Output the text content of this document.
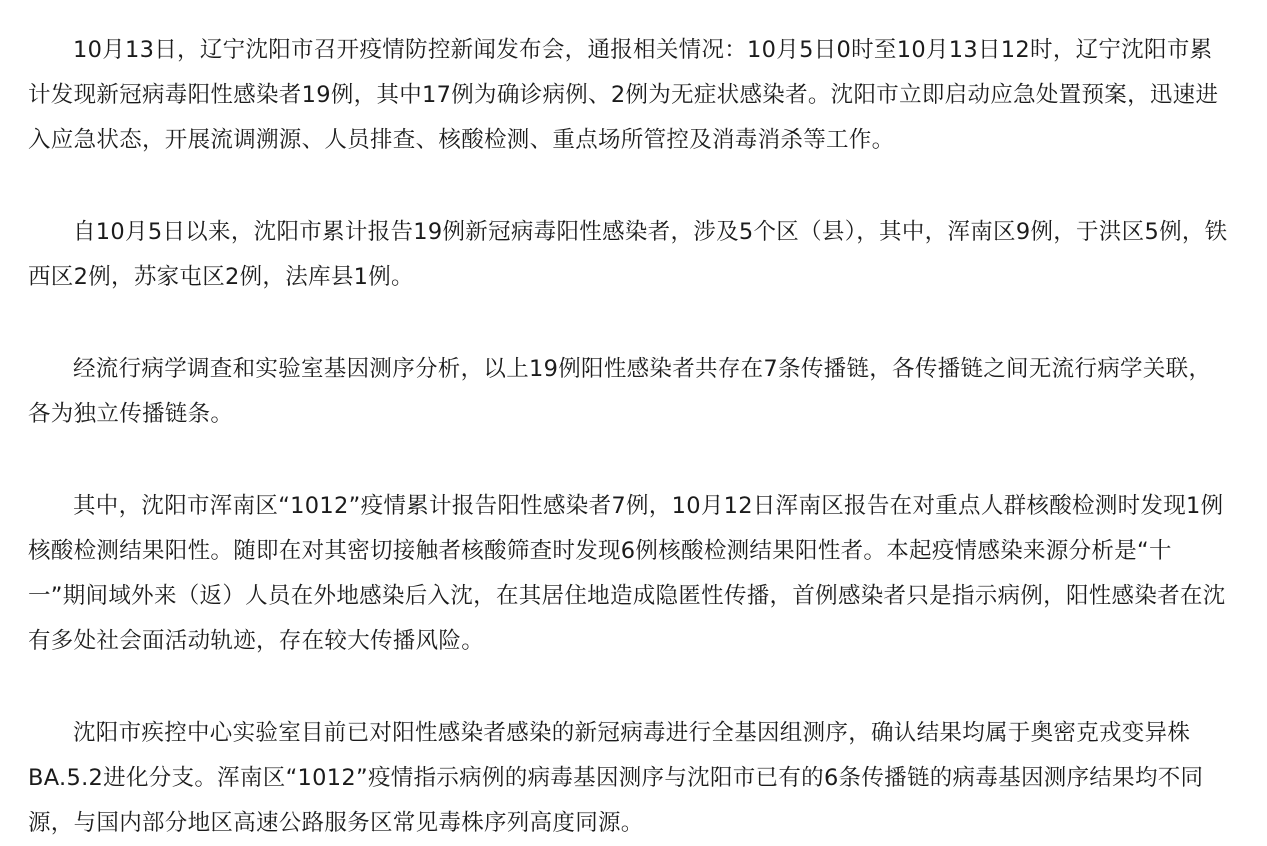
10月13日，辽宁沈阳市召开疫情防控新闻发布会，通报相关情况：10月5日0时至10月13日12时，辽宁沈阳市累计发现新冠病毒阳性感染者19例，其中17例为确诊病例、2例为无症状感染者。沈阳市立即启动应急处置预案，迅速进入应急状态，开展流调溯源、人员排查、核酸检测、重点场所管控及消毒消杀等工作。

自10月5日以来，沈阳市累计报告19例新冠病毒阳性感染者，涉及5个区（县），其中，浑南区9例，于洪区5例，铁西区2例，苏家屯区2例，法库县1例。

经流行病学调查和实验室基因测序分析，以上19例阳性感染者共存在7条传播链，各传播链之间无流行病学关联，各为独立传播链条。

其中，沈阳市浑南区“1012”疫情累计报告阳性感染者7例，10月12日浑南区报告在对重点人群核酸检测时发现1例核酸检测结果阳性。随即在对其密切接触者核酸筛查时发现6例核酸检测结果阳性者。本起疫情感染来源分析是“十一”期间域外来（返）人员在外地感染后入沈，在其居住地造成隐匿性传播，首例感染者只是指示病例，阳性感染者在沈有多处社会面活动轨迹，存在较大传播风险。

沈阳市疾控中心实验室目前已对阳性感染者感染的新冠病毒进行全基因组测序，确认结果均属于奥密克戎变异株BA.5.2进化分支。浑南区“1012”疫情指示病例的病毒基因测序与沈阳市已有的6条传播链的病毒基因测序结果均不同源，与国内部分地区高速公路服务区常见毒株序列高度同源。
